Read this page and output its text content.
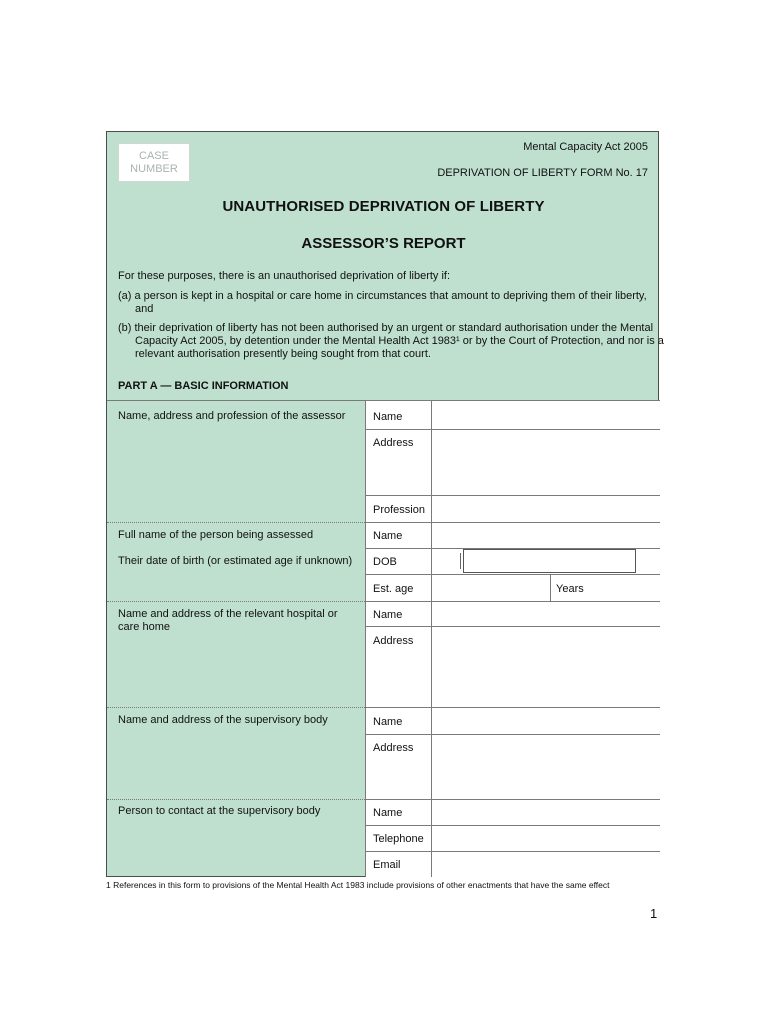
CASE NUMBER
Mental Capacity Act 2005
DEPRIVATION OF LIBERTY FORM No. 17
UNAUTHORISED DEPRIVATION OF LIBERTY
ASSESSOR’S REPORT
For these purposes, there is an unauthorised deprivation of liberty if:
(a) a person is kept in a hospital or care home in circumstances that amount to depriving them of their liberty, and
(b) their deprivation of liberty has not been authorised by an urgent or standard authorisation under the Mental Capacity Act 2005, by detention under the Mental Health Act 1983¹ or by the Court of Protection, and nor is a relevant authorisation presently being sought from that court.
PART A — BASIC INFORMATION
Name, address and profession of the assessor
Full name of the person being assessed
Their date of birth (or estimated age if unknown)
Name and address of the relevant hospital or care home
Name and address of the supervisory body
Person to contact at the supervisory body
Name
Address
Profession
Name
DOB
Est. age	Years
Name
Address
Name
Address
Name
Telephone
Email
1 References in this form to provisions of the Mental Health Act 1983 include provisions of other enactments that have the same effect
1
